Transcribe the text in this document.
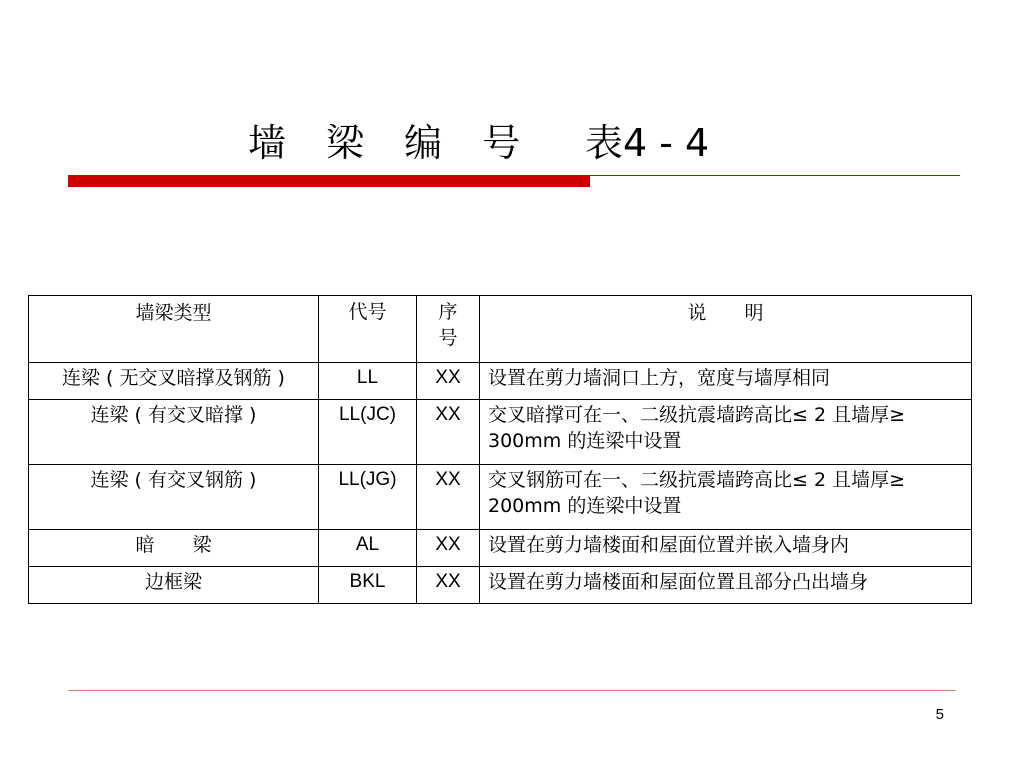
墙 梁 编 号 表4 - 4
墙梁类型	代号	序号	说　　明
连梁 ( 无交叉暗撑及钢筋 )	LL	XX	设置在剪力墙洞口上方，宽度与墙厚相同
连梁 ( 有交叉暗撑 )	LL(JC)	XX	交叉暗撑可在一、二级抗震墙跨高比≤ 2 且墙厚≥ 300mm 的连梁中设置
连梁 ( 有交叉钢筋 )	LL(JG)	XX	交叉钢筋可在一、二级抗震墙跨高比≤ 2 且墙厚≥ 200mm 的连梁中设置
暗　　梁	AL	XX	设置在剪力墙楼面和屋面位置并嵌入墙身内
边框梁	BKL	XX	设置在剪力墙楼面和屋面位置且部分凸出墙身
5
